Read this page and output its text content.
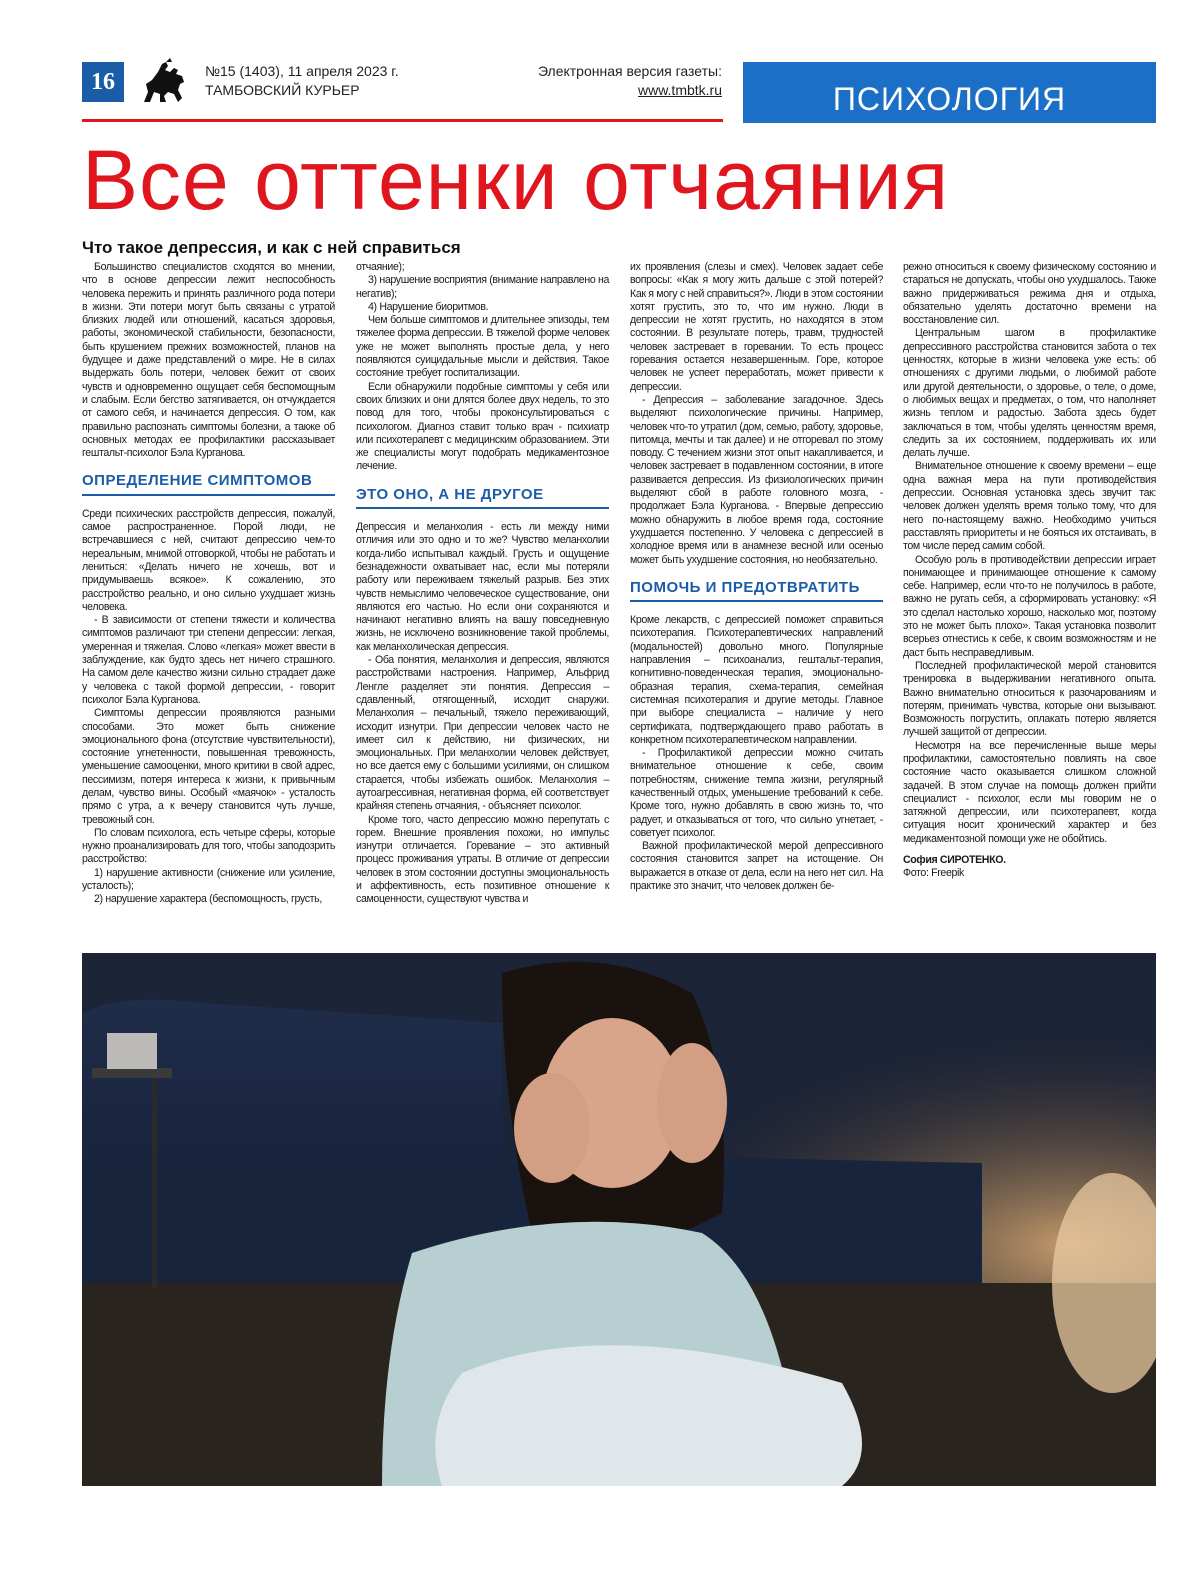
16	№15 (1403), 11 апреля 2023 г.
ТАМБОВСКИЙ КУРЬЕР
Электронная версия газеты:
www.tmbtk.ru	ПСИХОЛОГИЯ
Все оттенки отчаяния
Что такое депрессия, и как с ней справиться

Большинство специалистов сходятся во мнении, что в основе депрессии лежит неспособность человека пережить и принять различного рода потери в жизни. Эти потери могут быть связаны с утратой близких людей или отношений, касаться здоровья, работы, экономической стабильности, безопасности, быть крушением прежних возможностей, планов на будущее и даже представлений о мире. Не в силах выдержать боль потери, человек бежит от своих чувств и одновременно ощущает себя беспомощным и слабым. Если бегство затягивается, он отчуждается от самого себя, и начинается депрессия. О том, как правильно распознать симптомы болезни, а также об основных методах ее профилактики рассказывает гештальт-психолог Бэла Курганова.

ОПРЕДЕЛЕНИЕ СИМПТОМОВ

Среди психических расстройств депрессия, пожалуй, самое распространенное. Порой люди, не встречавшиеся с ней, считают депрессию чем-то нереальным, мнимой отговоркой, чтобы не работать и лениться: «Делать ничего не хочешь, вот и придумываешь всякое». К сожалению, это расстройство реально, и оно сильно ухудшает жизнь человека.

- В зависимости от степени тяжести и количества симптомов различают три степени депрессии: легкая, умеренная и тяжелая. Слово «легкая» может ввести в заблуждение, как будто здесь нет ничего страшного. На самом деле качество жизни сильно страдает даже у человека с такой формой депрессии, - говорит психолог Бэла Курганова.

Симптомы депрессии проявляются разными способами. Это может быть снижение эмоционального фона (отсутствие чувствительности), состояние угнетенности, повышенная тревожность, уменьшение самооценки, много критики в свой адрес, пессимизм, потеря интереса к жизни, к привычным делам, чувство вины. Особый «маячок» - усталость прямо с утра, а к вечеру становится чуть лучше, тревожный сон.

По словам психолога, есть четыре сферы, которые нужно проанализировать для того, чтобы заподозрить расстройство:

1) нарушение активности (снижение или усиление, усталость);

2) нарушение характера (беспомощность, грусть,

отчаяние);

3) нарушение восприятия (внимание направлено на негатив);

4) Нарушение биоритмов.

Чем больше симптомов и длительнее эпизоды, тем тяжелее форма депрессии. В тяжелой форме человек уже не может выполнять простые дела, у него появляются суицидальные мысли и действия. Такое состояние требует госпитализации.

Если обнаружили подобные симптомы у себя или своих близких и они длятся более двух недель, то это повод для того, чтобы проконсультироваться с психологом. Диагноз ставит только врач - психиатр или психотерапевт с медицинским образованием. Эти же специалисты могут подобрать медикаментозное лечение.

ЭТО ОНО, А НЕ ДРУГОЕ

Депрессия и меланхолия - есть ли между ними отличия или это одно и то же? Чувство меланхолии когда-либо испытывал каждый. Грусть и ощущение безнадежности охватывает нас, если мы потеряли работу или переживаем тяжелый разрыв. Без этих чувств немыслимо человеческое существование, они являются его частью. Но если они сохраняются и начинают негативно влиять на вашу повседневную жизнь, не исключено возникновение такой проблемы, как меланхолическая депрессия.

- Оба понятия, меланхолия и депрессия, являются расстройствами настроения. Например, Альфрид Ленгле разделяет эти понятия. Депрессия – сдавленный, отягощенный, исходит снаружи. Меланхолия – печальный, тяжело переживающий, исходит изнутри. При депрессии человек часто не имеет сил к действию, ни физических, ни эмоциональных. При меланхолии человек действует, но все дается ему с большими усилиями, он слишком старается, чтобы избежать ошибок. Меланхолия – аутоагрессивная, негативная форма, ей соответствует крайняя степень отчаяния, - объясняет психолог.

Кроме того, часто депрессию можно перепутать с горем. Внешние проявления похожи, но импульс изнутри отличается. Горевание – это активный процесс проживания утраты. В отличие от депрессии человек в этом состоянии доступны эмоциональность и аффективность, есть позитивное отношение к самоценности, существуют чувства и

их проявления (слезы и смех). Человек задает себе вопросы: «Как я могу жить дальше с этой потерей? Как я могу с ней справиться?». Люди в этом состоянии хотят грустить, это то, что им нужно. Люди в депрессии не хотят грустить, но находятся в этом состоянии. В результате потерь, травм, трудностей человек застревает в горевании. То есть процесс горевания остается незавершенным. Горе, которое человек не успеет переработать, может привести к депрессии.

- Депрессия – заболевание загадочное. Здесь выделяют психологические причины. Например, человек что-то утратил (дом, семью, работу, здоровье, питомца, мечты и так далее) и не отгоревал по этому поводу. С течением жизни этот опыт накапливается, и человек застревает в подавленном состоянии, в итоге развивается депрессия. Из физиологических причин выделяют сбой в работе головного мозга, - продолжает Бэла Курганова. - Впервые депрессию можно обнаружить в любое время года, состояние ухудшается постепенно. У человека с депрессией в холодное время или в анамнезе весной или осенью может быть ухудшение состояния, но необязательно.

ПОМОЧЬ И ПРЕДОТВРАТИТЬ

Кроме лекарств, с депрессией поможет справиться психотерапия. Психотерапевтических направлений (модальностей) довольно много. Популярные направления – психоанализ, гештальт-терапия, когнитивно-поведенческая терапия, эмоционально-образная терапия, схема-терапия, семейная системная психотерапия и другие методы. Главное при выборе специалиста – наличие у него сертификата, подтверждающего право работать в конкретном психотерапевтическом направлении.

- Профилактикой депрессии можно считать внимательное отношение к себе, своим потребностям, снижение темпа жизни, регулярный качественный отдых, уменьшение требований к себе. Кроме того, нужно добавлять в свою жизнь то, что радует, и отказываться от того, что сильно угнетает, - советует психолог.

Важной профилактической мерой депрессивного состояния становится запрет на истощение. Он выражается в отказе от дела, если на него нет сил. На практике это значит, что человек должен бе-

режно относиться к своему физическому состоянию и стараться не допускать, чтобы оно ухудшалось. Также важно придерживаться режима дня и отдыха, обязательно уделять достаточно времени на восстановление сил.

Центральным шагом в профилактике депрессивного расстройства становится забота о тех ценностях, которые в жизни человека уже есть: об отношениях с другими людьми, о любимой работе или другой деятельности, о здоровье, о теле, о доме, о любимых вещах и предметах, о том, что наполняет жизнь теплом и радостью. Забота здесь будет заключаться в том, чтобы уделять ценностям время, следить за их состоянием, поддерживать их или делать лучше.

Внимательное отношение к своему времени – еще одна важная мера на пути противодействия депрессии. Основная установка здесь звучит так: человек должен уделять время только тому, что для него по-настоящему важно. Необходимо учиться расставлять приоритеты и не бояться их отстаивать, в том числе перед самим собой.

Особую роль в противодействии депрессии играет понимающее и принимающее отношение к самому себе. Например, если что-то не получилось в работе, важно не ругать себя, а сформировать установку: «Я это сделал настолько хорошо, насколько мог, поэтому это не может быть плохо». Такая установка позволит всерьез отнестись к себе, к своим возможностям и не даст быть несправедливым.

Последней профилактической мерой становится тренировка в выдерживании негативного опыта. Важно внимательно относиться к разочарованиям и потерям, принимать чувства, которые они вызывают. Возможность погрустить, оплакать потерю является лучшей защитой от депрессии.

Несмотря на все перечисленные выше меры профилактики, самостоятельно повлиять на свое состояние часто оказывается слишком сложной задачей. В этом случае на помощь должен прийти специалист - психолог, если мы говорим не о затяжной депрессии, или психотерапевт, когда ситуация носит хронический характер и без медикаментозной помощи уже не обойтись.

София СИРОТЕНКО.
Фото: Freepik
